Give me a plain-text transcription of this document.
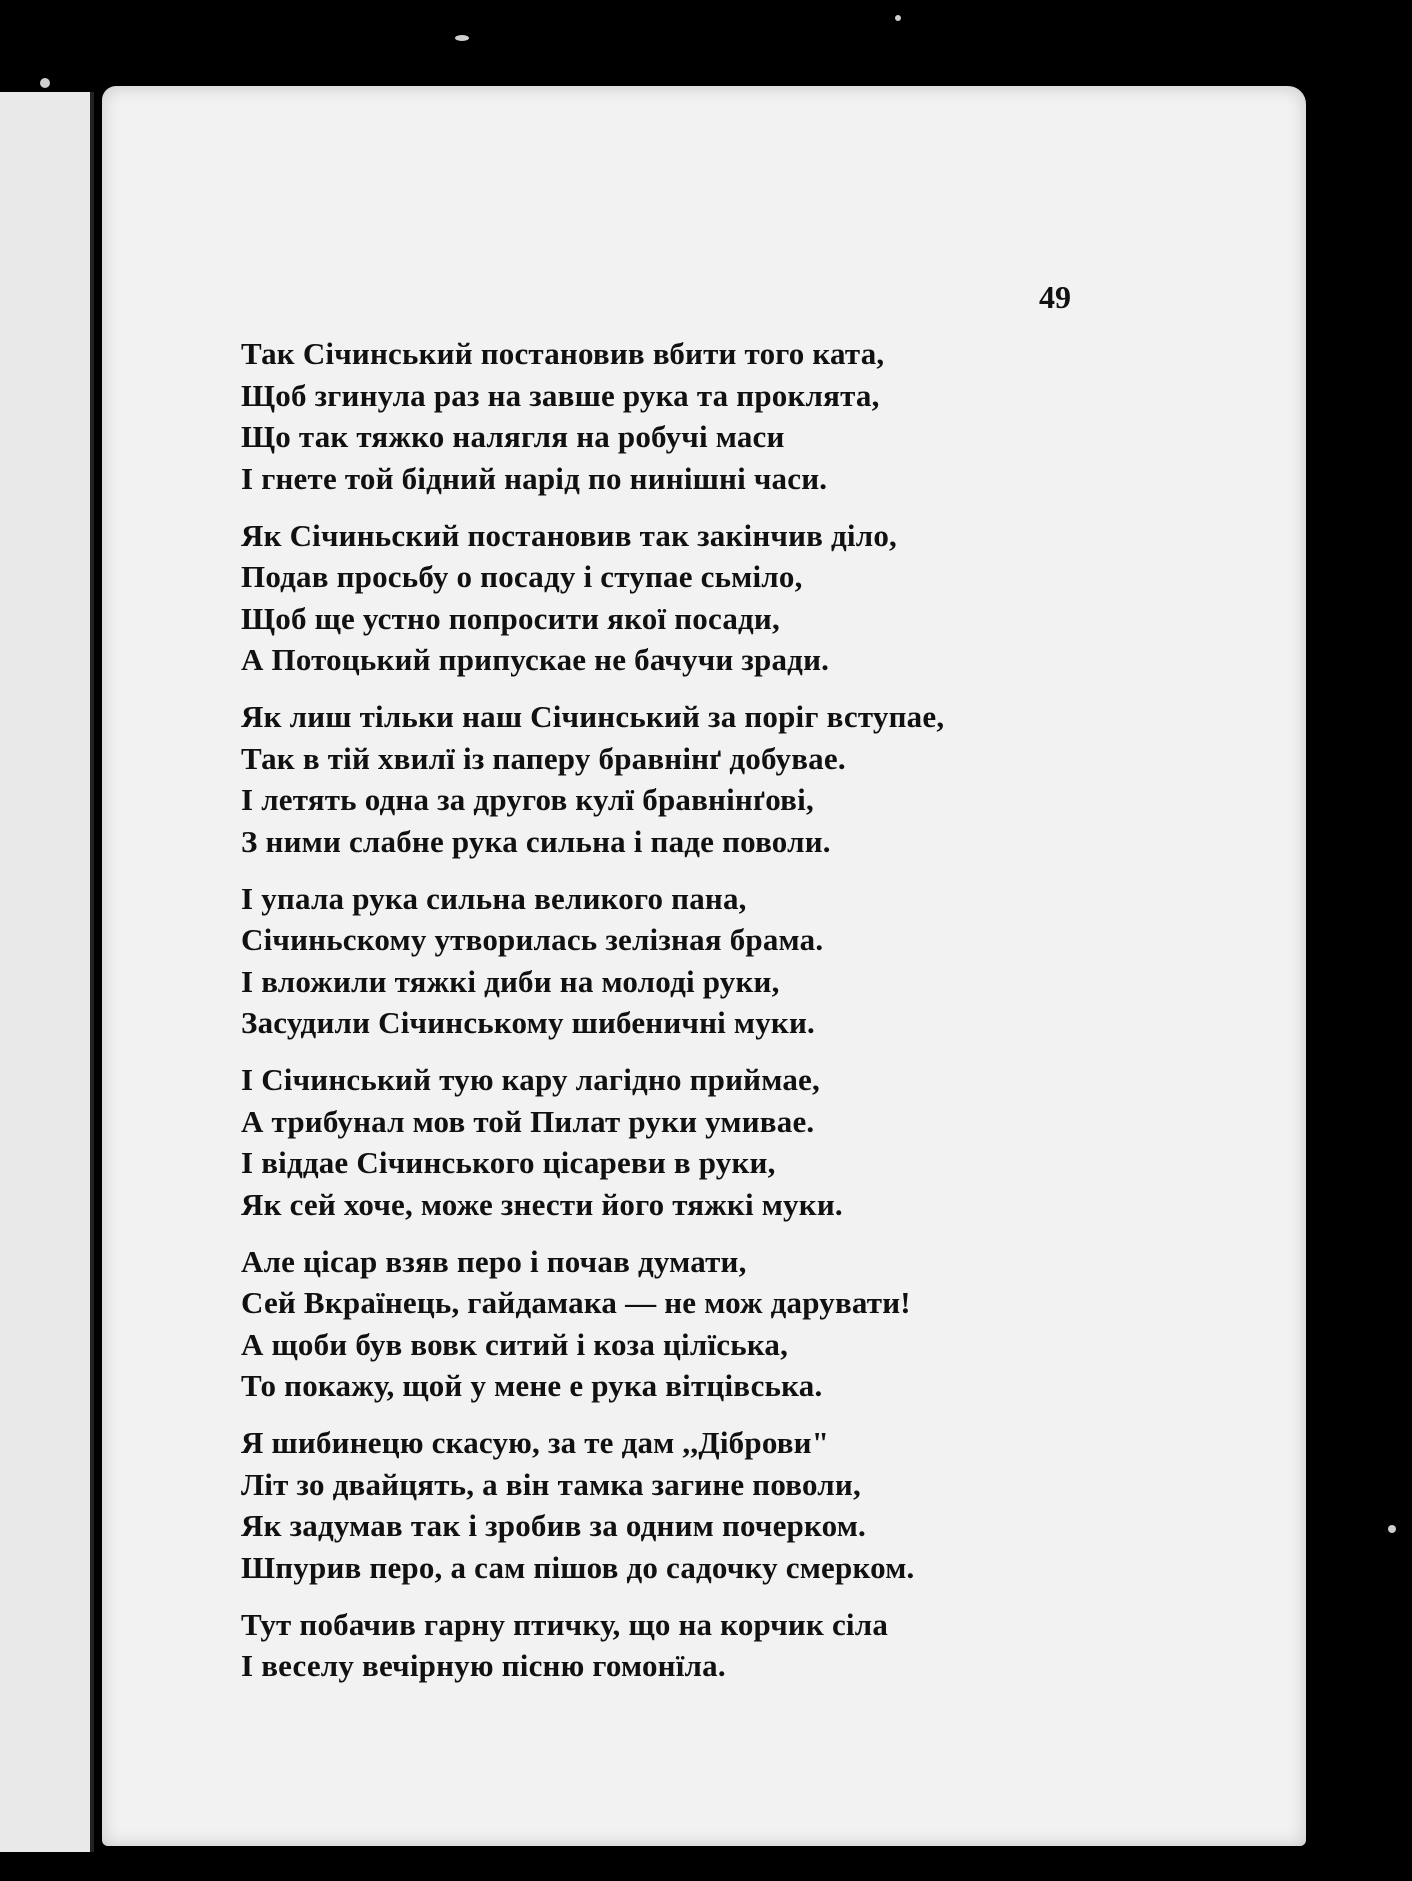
49

Так Січинський постановив вбити того ката,
Щоб згинула раз на завше рука та проклята,
Що так тяжко налягля на робучі маси
І гнете той бідний нарід по нинішні часи.
Як Січиньский постановив так закінчив діло,
Подав просьбу о посаду і ступае сьміло,
Щоб ще устно попросити якої посади,
А Потоцький припускае не бачучи зради.
Як лиш тільки наш Січинський за поріг вступае,
Так в тій хвилї із паперу бравнінґ добувае.
І летять одна за другов кулї бравнінґові,
З ними слабне рука сильна і паде поволи.
І упала рука сильна великого пана,
Січиньскому утворилась зелізная брама.
І вложили тяжкі диби на молоді руки,
Засудили Січинському шибеничні муки.
І Січинський тую кару лагідно приймае,
А трибунал мов той Пилат руки умивае.
І віддае Січинського цісареви в руки,
Як сей хоче, може знести його тяжкі муки.
Але цісар взяв перо і почав думати,
Сей Вкраїнець, гайдамака — не мож дарувати!
А щоби був вовк ситий і коза цілїська,
То покажу, щой у мене е рука вітцівська.
Я шибинецю скасую, за те дам ,,Діброви"
Літ зо двайцять, а він тамка загине поволи,
Як задумав так і зробив за одним почерком.
Шпурив перо, а сам пішов до садочку смерком.
Тут побачив гарну птичку, що на корчик сіла
І веселу вечірную пісню гомонїла.
